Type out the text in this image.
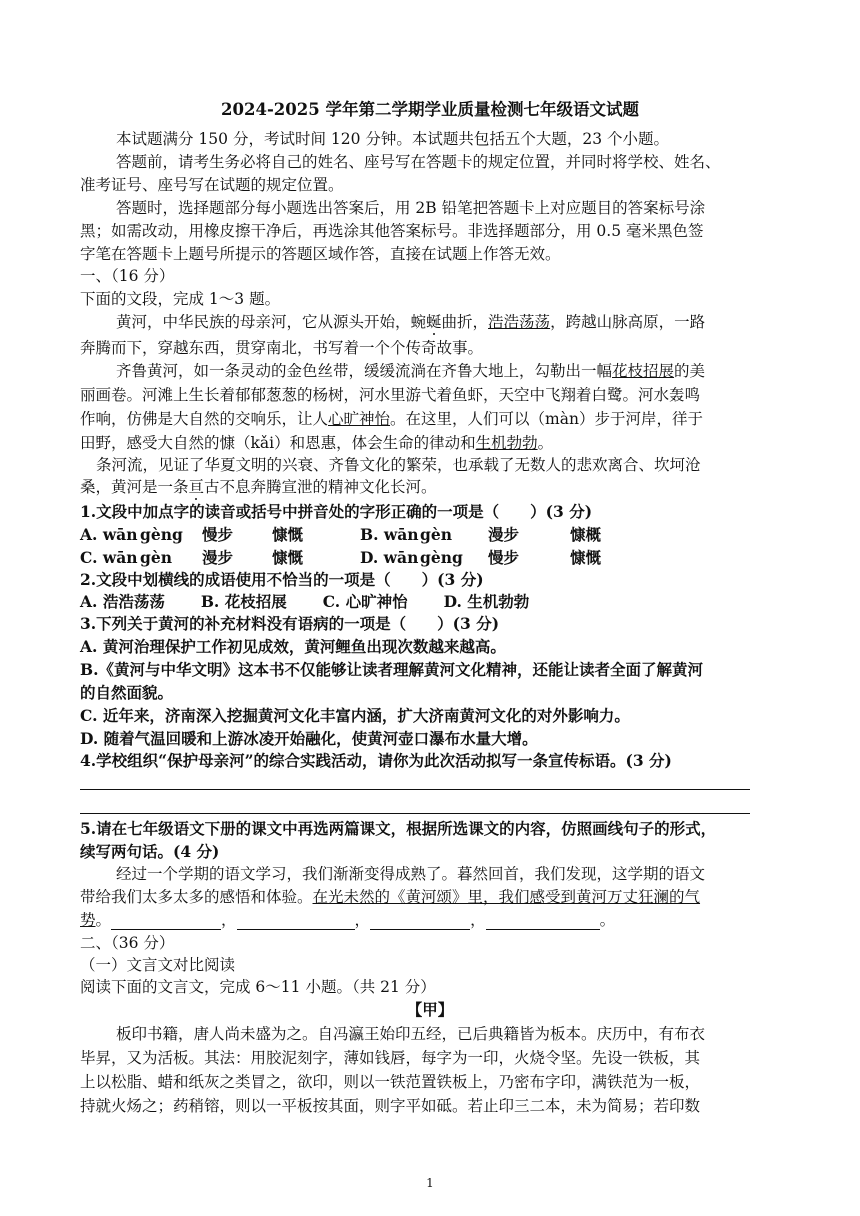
2024-2025 学年第二学期学业质量检测七年级语文试题
本试题满分 150 分，考试时间 120 分钟。本试题共包括五个大题，23 个小题。
答题前，请考生务必将自己的姓名、座号写在答题卡的规定位置，并同时将学校、姓名、
准考证号、座号写在试题的规定位置。
答题时，选择题部分每小题选出答案后，用 2B 铅笔把答题卡上对应题目的答案标号涂
黑；如需改动，用橡皮擦干净后，再选涂其他答案标号。非选择题部分，用 0.5 毫米黑色签
字笔在答题卡上题号所提示的答题区域作答，直接在试题上作答无效。
一、（16 分）
下面的文段，完成 1～3 题。
黄河，中华民族的母亲河，它从源头开始，蜿蜒曲折，浩浩荡荡，跨越山脉高原，一路
奔腾而下，穿越东西，贯穿南北，书写着一个个传奇故事。
齐鲁黄河，如一条灵动的金色丝带，缓缓流淌在齐鲁大地上，勾勒出一幅花枝招展的美
丽画卷。河滩上生长着郁郁葱葱的杨树，河水里游弋着鱼虾，天空中飞翔着白鹭。河水轰鸣
作响，仿佛是大自然的交响乐，让人心旷神怡。在这里，人们可以（màn）步于河岸，徉于
田野，感受大自然的慷（kǎi）和恩惠，体会生命的律动和生机勃勃。
条河流，见证了华夏文明的兴衰、齐鲁文化的繁荣，也承载了无数人的悲欢离合、坎坷沧
桑，黄河是一条亘古不息奔腾宣泄的精神文化长河。
1.文段中加点字的读音或括号中拼音处的字形正确的一项是（　　）(3 分)
A. wān gèng 慢步	慷慨	B. wāngèn 漫步	慷概
C. wān gèn 漫步	慷慨	D. wān gèng 慢步	慷慨
2.文段中划横线的成语使用不恰当的一项是（　　）(3 分)
A. 浩浩荡荡 B. 花枝招展 C. 心旷神怡 D. 生机勃勃
3.下列关于黄河的补充材料没有语病的一项是（　　）(3 分)
A. 黄河治理保护工作初见成效，黄河鲤鱼出现次数越来越高。
B.《黄河与中华文明》这本书不仅能够让读者理解黄河文化精神，还能让读者全面了解黄河
的自然面貌。
C. 近年来，济南深入挖掘黄河文化丰富内涵，扩大济南黄河文化的对外影响力。
D. 随着气温回暖和上游冰凌开始融化，使黄河壶口瀑布水量大增。
4.学校组织“保护母亲河”的综合实践活动，请你为此次活动拟写一条宣传标语。(3 分)
5.请在七年级语文下册的课文中再选两篇课文，根据所选课文的内容，仿照画线句子的形式，
续写两句话。(4 分)
经过一个学期的语文学习，我们渐渐变得成熟了。暮然回首，我们发现，这学期的语文
带给我们太多太多的感悟和体验。在光未然的《黄河颂》里，我们感受到黄河万丈狂澜的气
势。	，	，	，	。
二、（36 分）
（一）文言文对比阅读
阅读下面的文言文，完成 6～11 小题。（共 21 分）
【甲】
板印书籍，唐人尚未盛为之。自冯瀛王始印五经，已后典籍皆为板本。庆历中，有布衣
毕昇，又为活板。其法：用胶泥刻字，薄如钱唇，每字为一印，火烧令坚。先设一铁板，其
上以松脂、蜡和纸灰之类冒之，欲印，则以一铁范置铁板上，乃密布字印，满铁范为一板，
持就火炀之；药稍镕，则以一平板按其面，则字平如砥。若止印三二本，未为简易；若印数
1
